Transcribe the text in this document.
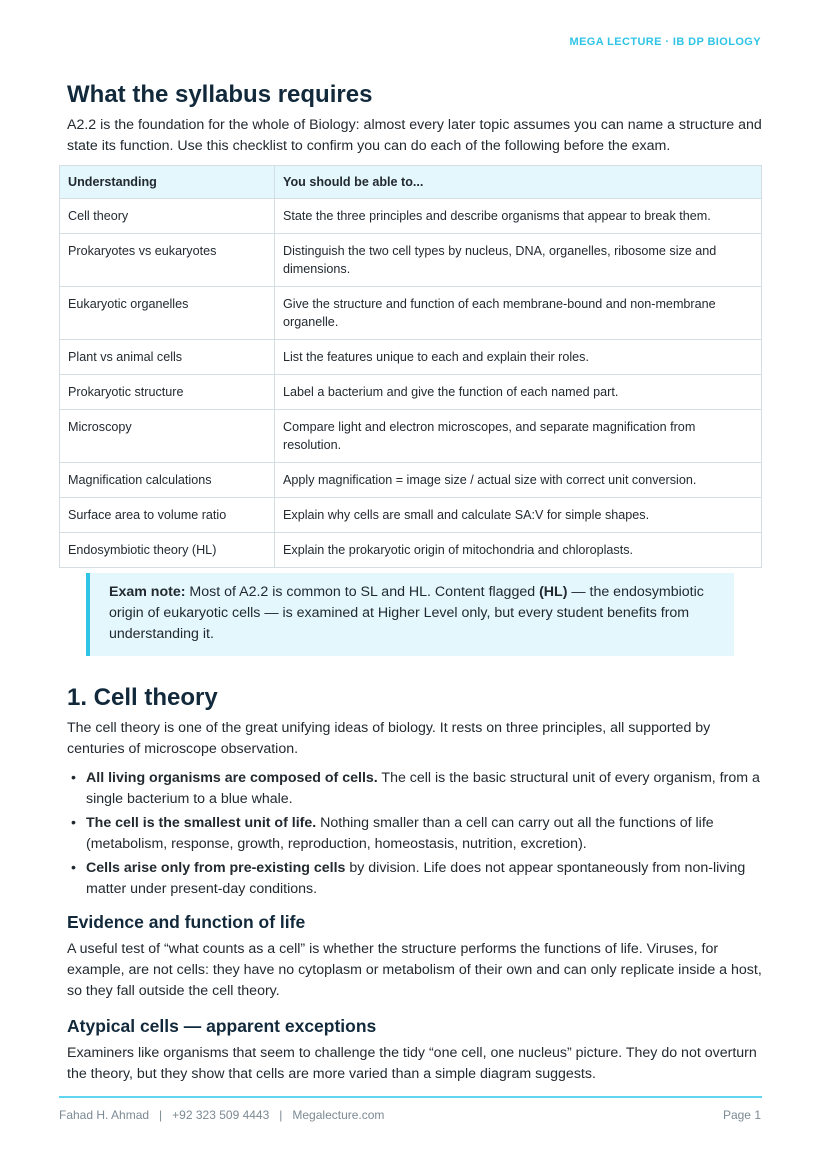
MEGA LECTURE · IB DP BIOLOGY
What the syllabus requires

A2.2 is the foundation for the whole of Biology: almost every later topic assumes you can name a structure and state its function. Use this checklist to confirm you can do each of the following before the exam.

Understanding	You should be able to...
Cell theory	State the three principles and describe organisms that appear to break them.
Prokaryotes vs eukaryotes	Distinguish the two cell types by nucleus, DNA, organelles, ribosome size and dimensions.
Eukaryotic organelles	Give the structure and function of each membrane-bound and non-membrane organelle.
Plant vs animal cells	List the features unique to each and explain their roles.
Prokaryotic structure	Label a bacterium and give the function of each named part.
Microscopy	Compare light and electron microscopes, and separate magnification from resolution.
Magnification calculations	Apply magnification = image size / actual size with correct unit conversion.
Surface area to volume ratio	Explain why cells are small and calculate SA:V for simple shapes.
Endosymbiotic theory (HL)	Explain the prokaryotic origin of mitochondria and chloroplasts.

Exam note: Most of A2.2 is common to SL and HL. Content flagged (HL) — the endosymbiotic origin of eukaryotic cells — is examined at Higher Level only, but every student benefits from understanding it.

1. Cell theory

The cell theory is one of the great unifying ideas of biology. It rests on three principles, all supported by centuries of microscope observation.

• All living organisms are composed of cells. The cell is the basic structural unit of every organism, from a single bacterium to a blue whale.
• The cell is the smallest unit of life. Nothing smaller than a cell can carry out all the functions of life (metabolism, response, growth, reproduction, homeostasis, nutrition, excretion).
• Cells arise only from pre-existing cells by division. Life does not appear spontaneously from non-living matter under present-day conditions.
Evidence and function of life

A useful test of “what counts as a cell” is whether the structure performs the functions of life. Viruses, for example, are not cells: they have no cytoplasm or metabolism of their own and can only replicate inside a host, so they fall outside the cell theory.

Atypical cells — apparent exceptions

Examiners like organisms that seem to challenge the tidy “one cell, one nucleus” picture. They do not overturn the theory, but they show that cells are more varied than a simple diagram suggests.

Fahad H. Ahmad   |   +92 323 509 4443   |   Megalecture.com	Page 1
